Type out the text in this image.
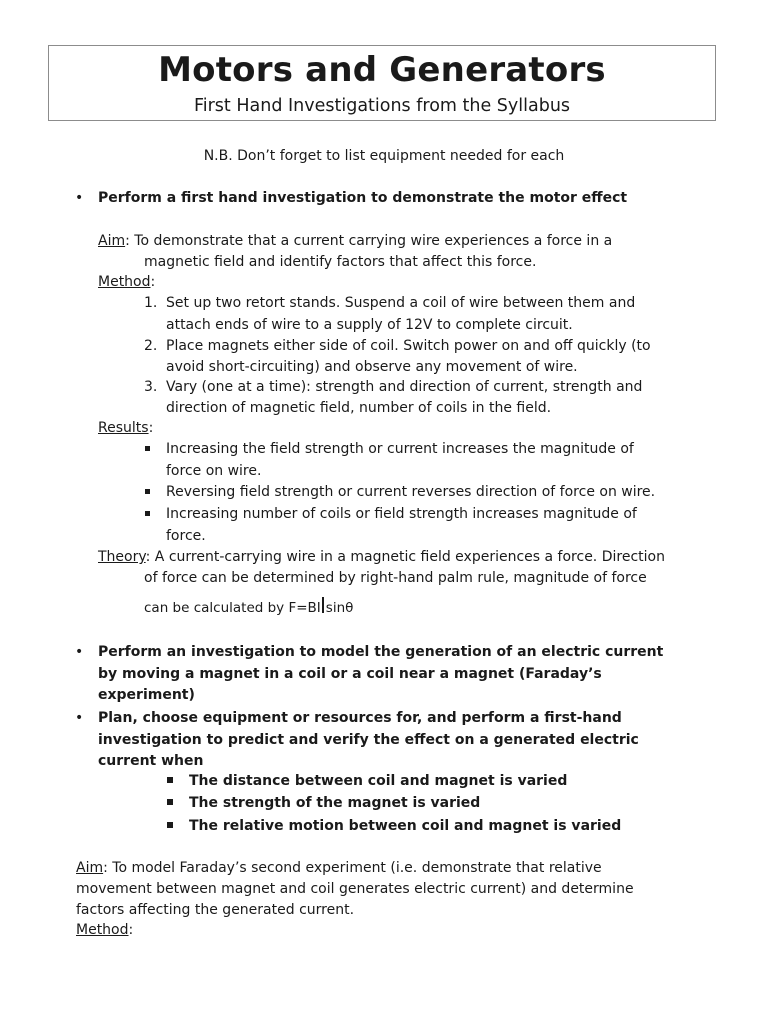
Motors and Generators
First Hand Investigations from the Syllabus
N.B. Don’t forget to list equipment needed for each
• Perform a first hand investigation to demonstrate the motor effect
Aim: To demonstrate that a current carrying wire experiences a force in a
magnetic field and identify factors that affect this force.
Method:
1. Set up two retort stands. Suspend a coil of wire between them and
attach ends of wire to a supply of 12V to complete circuit.
2. Place magnets either side of coil. Switch power on and off quickly (to
avoid short-circuiting) and observe any movement of wire.
3. Vary (one at a time): strength and direction of current, strength and
direction of magnetic field, number of coils in the field.
Results:
Increasing the field strength or current increases the magnitude of
force on wire.
Reversing field strength or current reverses direction of force on wire.
Increasing number of coils or field strength increases magnitude of
force.
Theory: A current-carrying wire in a magnetic field experiences a force. Direction
of force can be determined by right-hand palm rule, magnitude of force
can be calculated by F=BI sinθ
• Perform an investigation to model the generation of an electric current
by moving a magnet in a coil or a coil near a magnet (Faraday’s
experiment)
• Plan, choose equipment or resources for, and perform a first-hand
investigation to predict and verify the effect on a generated electric
current when
The distance between coil and magnet is varied
The strength of the magnet is varied
The relative motion between coil and magnet is varied
Aim: To model Faraday’s second experiment (i.e. demonstrate that relative
movement between magnet and coil generates electric current) and determine
factors affecting the generated current.
Method:
